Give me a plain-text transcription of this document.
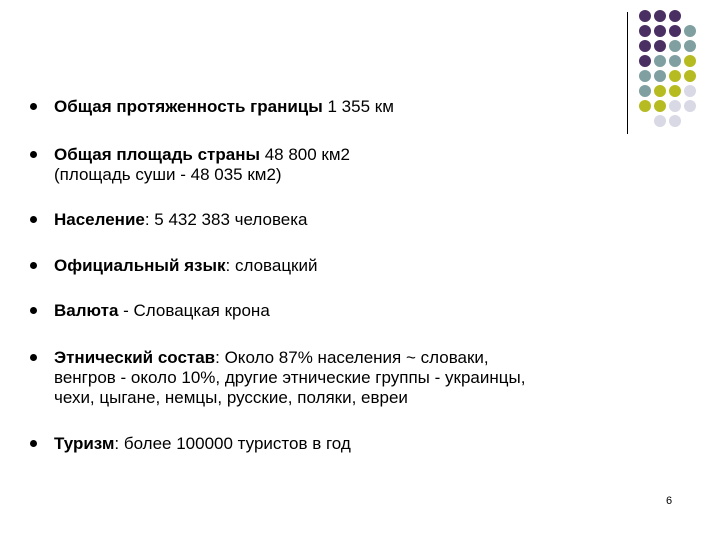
Общая протяженность границы 1 355 км
Общая площадь страны 48 800 км2
(площадь суши - 48 035 км2)
Население: 5 432 383 человека
Официальный язык: словацкий
Валюта - Словацкая крона
Этнический состав: Около 87% населения ~ словаки,
венгров - около 10%, другие этнические группы - украинцы,
чехи, цыгане, немцы, русские, поляки, евреи
Туризм: более 100000 туристов в год
6
